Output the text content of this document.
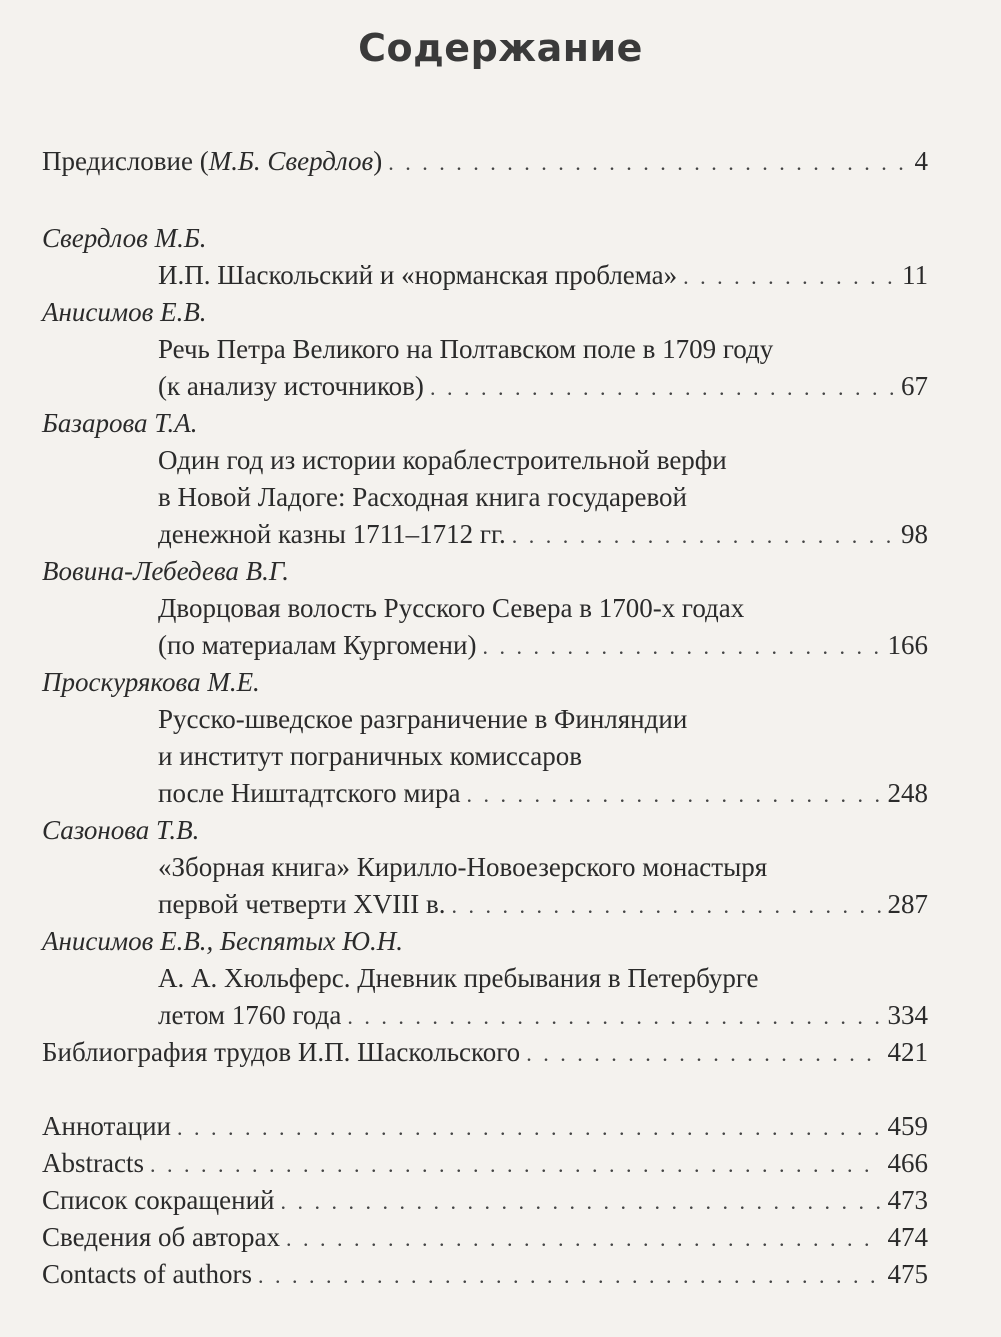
Содержание
Предисловие (М.Б. Свердлов) . . .	4
Свердлов М.Б.
И.П. Шаскольский и «норманская проблема» . . .	11
Анисимов Е.В.
Речь Петра Великого на Полтавском поле в 1709 году
(к анализу источников) . . .	67
Базарова Т.А.
Один год из истории кораблестроительной верфи
в Новой Ладоге: Расходная книга государевой
денежной казны 1711–1712 гг. . . .	98
Вовина-Лебедева В.Г.
Дворцовая волость Русского Севера в 1700-х годах
(по материалам Кургомени) . . .	166
Проскурякова М.Е.
Русско-шведское разграничение в Финляндии
и институт пограничных комиссаров
после Ништадтского мира . . .	248
Сазонова Т.В.
«Зборная книга» Кирилло-Новоезерского монастыря
первой четверти XVIII в. . . .	287
Анисимов Е.В., Беспятых Ю.Н.
А. А. Хюльферс. Дневник пребывания в Петербурге
летом 1760 года . . .	334
Библиография трудов И.П. Шаскольского . . .	421
Аннотации . . .	459
Abstracts . . .	466
Список сокращений . . .	473
Сведения об авторах . . .	474
Contacts of authors . . .	475
